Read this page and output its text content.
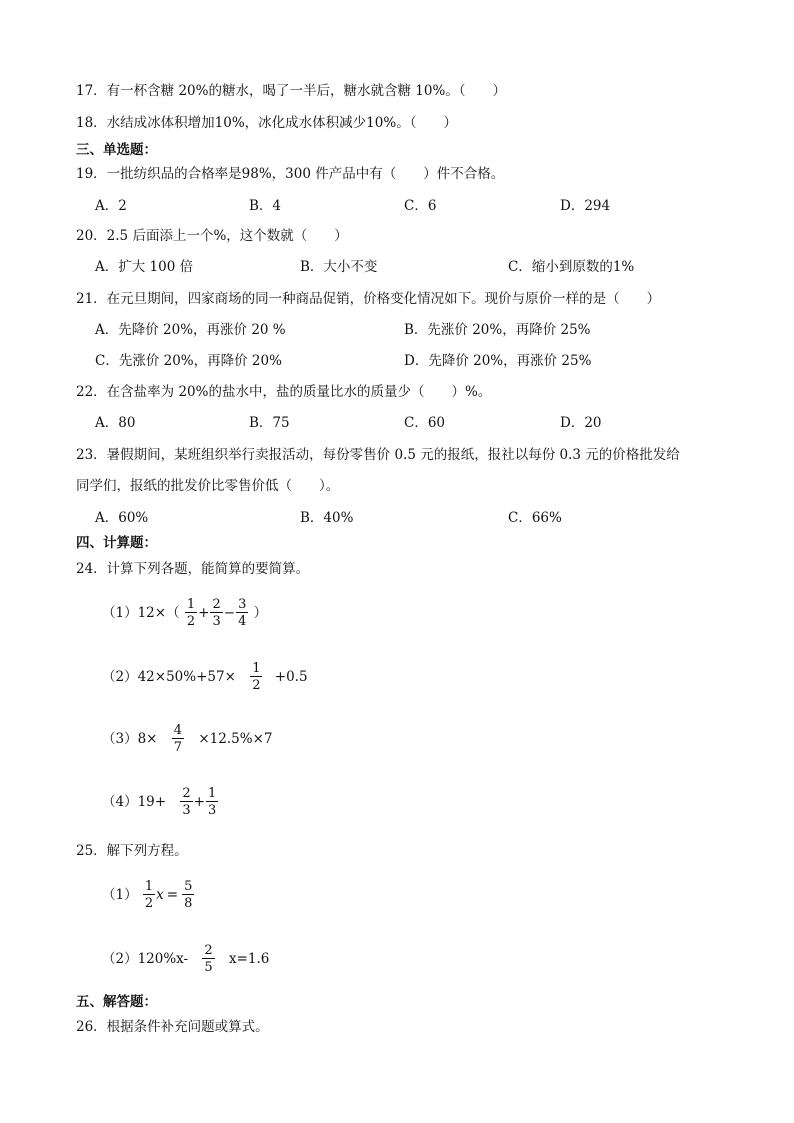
17．有一杯含糖 20%的糖水，喝了一半后，糖水就含糖 10%。（　　）
18．水结成冰体积增加10%，冰化成水体积减少10%。（　　）
三、单选题：
19．一批纺织品的合格率是98%，300 件产品中有（　　）件不合格。
A．2	B．4	C．6	D．294
20．2.5 后面添上一个%，这个数就（　　）
A．扩大 100 倍	B．大小不变	C．缩小到原数的1%
21．在元旦期间，四家商场的同一种商品促销，价格变化情况如下。现价与原价一样的是（　　）
A．先降价 20%，再涨价 20 %	B．先涨价 20%，再降价 25%
C．先涨价 20%，再降价 20%	D．先降价 20%，再涨价 25%
22．在含盐率为 20%的盐水中，盐的质量比水的质量少（　　）%。
A．80	B．75	C．60	D．20
23．暑假期间，某班组织举行卖报活动，每份零售价 0.5 元的报纸，报社以每份 0.3 元的价格批发给
同学们，报纸的批发价比零售价低（　　）。
A．60%	B．40%	C．66%
四、计算题：
24．计算下列各题，能简算的要简算。
$(1)12\times( \frac{1}{2} + \frac{2}{3} - \frac{3}{4}$ ）
$(2)42\times 50\%+57\times \frac{1}{2} +0.5$
$(3)8\times \frac{4}{7} \times 12.5\%\times 7$
$(4)19+ \frac{2}{3} + \frac{1}{3}$
25．解下列方程。
$(1) \frac{1}{2}$ $x = \frac{5}{8}$
$(2)120\%x- \frac{2}{5} x=1.6$
五、解答题：
26．根据条件补充问题或算式。
